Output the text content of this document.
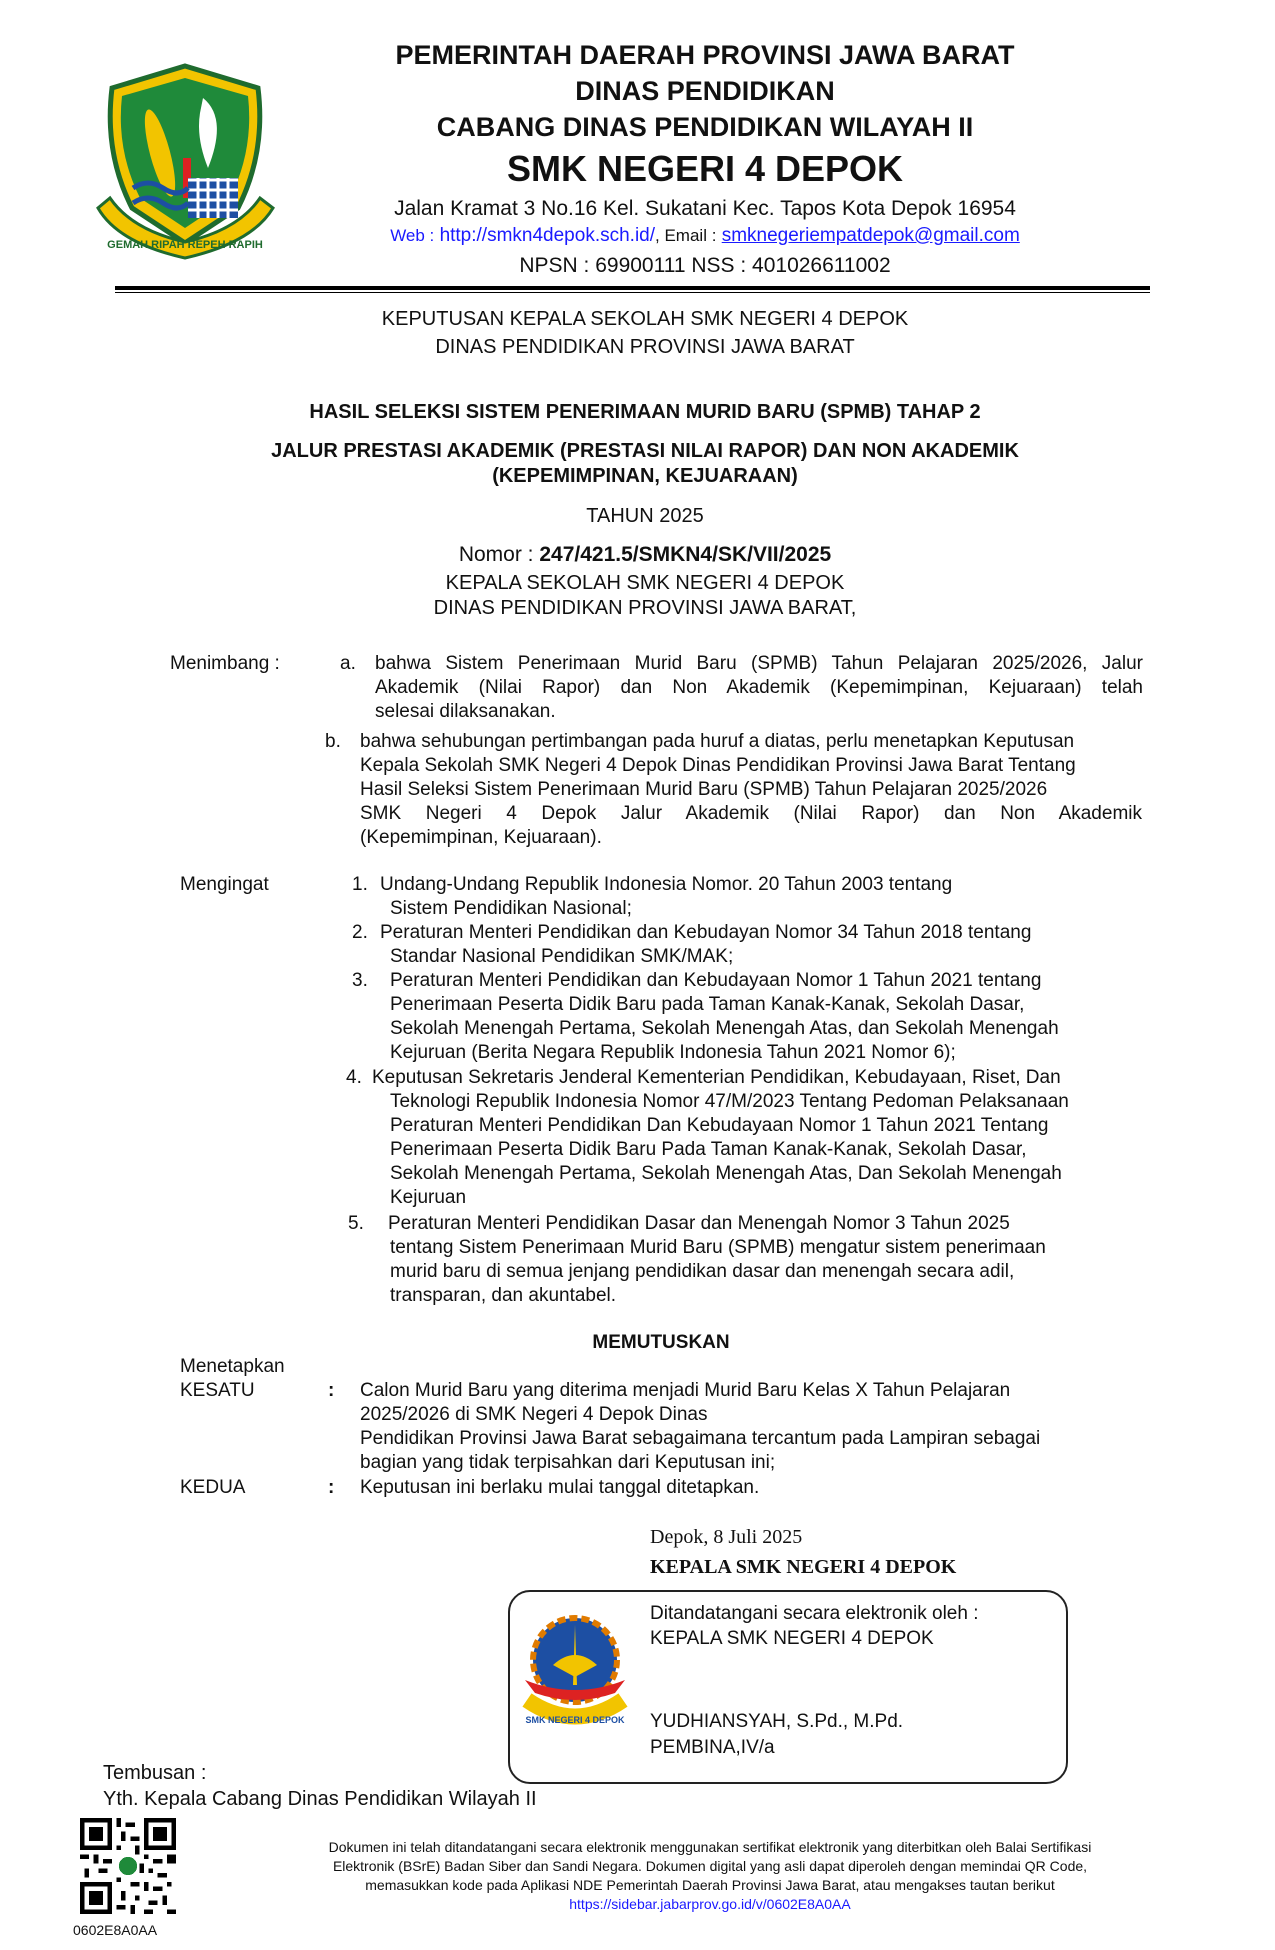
GEMAH RIPAH REPEH RAPIH
PEMERINTAH DAERAH PROVINSI JAWA BARAT
DINAS PENDIDIKAN
CABANG DINAS PENDIDIKAN WILAYAH II
SMK NEGERI 4 DEPOK
Jalan Kramat 3 No.16 Kel. Sukatani Kec. Tapos Kota Depok 16954
Web : http://smkn4depok.sch.id/, Email : smknegeriempatdepok@gmail.com
NPSN : 69900111 NSS : 401026611002
KEPUTUSAN KEPALA SEKOLAH SMK NEGERI 4 DEPOK
DINAS PENDIDIKAN PROVINSI JAWA BARAT
HASIL SELEKSI SISTEM PENERIMAAN MURID BARU (SPMB) TAHAP 2
JALUR PRESTASI AKADEMIK (PRESTASI NILAI RAPOR) DAN NON AKADEMIK
(KEPEMIMPINAN, KEJUARAAN)
TAHUN 2025
Nomor : 247/421.5/SMKN4/SK/VII/2025
KEPALA SEKOLAH SMK NEGERI 4 DEPOK
DINAS PENDIDIKAN PROVINSI JAWA BARAT,
Menimbang :	a. bahwa Sistem Penerimaan Murid Baru (SPMB) Tahun Pelajaran 2025/2026, Jalur
Akademik (Nilai Rapor) dan Non Akademik (Kepemimpinan, Kejuaraan) telah
selesai dilaksanakan.
b. bahwa sehubungan pertimbangan pada huruf a diatas, perlu menetapkan Keputusan
Kepala Sekolah SMK Negeri 4 Depok Dinas Pendidikan Provinsi Jawa Barat Tentang
Hasil Seleksi Sistem Penerimaan Murid Baru (SPMB) Tahun Pelajaran 2025/2026
SMK Negeri 4 Depok Jalur Akademik (Nilai Rapor) dan Non Akademik
(Kepemimpinan, Kejuaraan).
Mengingat	1. Undang-Undang Republik Indonesia Nomor. 20 Tahun 2003 tentang
Sistem Pendidikan Nasional;
2. Peraturan Menteri Pendidikan dan Kebudayan Nomor 34 Tahun 2018 tentang
Standar Nasional Pendidikan SMK/MAK;
3. Peraturan Menteri Pendidikan dan Kebudayaan Nomor 1 Tahun 2021 tentang
Penerimaan Peserta Didik Baru pada Taman Kanak-Kanak, Sekolah Dasar,
Sekolah Menengah Pertama, Sekolah Menengah Atas, dan Sekolah Menengah
Kejuruan (Berita Negara Republik Indonesia Tahun 2021 Nomor 6);
4. Keputusan Sekretaris Jenderal Kementerian Pendidikan, Kebudayaan, Riset, Dan
Teknologi Republik Indonesia Nomor 47/M/2023 Tentang Pedoman Pelaksanaan
Peraturan Menteri Pendidikan Dan Kebudayaan Nomor 1 Tahun 2021 Tentang
Penerimaan Peserta Didik Baru Pada Taman Kanak-Kanak, Sekolah Dasar,
Sekolah Menengah Pertama, Sekolah Menengah Atas, Dan Sekolah Menengah
Kejuruan
5. Peraturan Menteri Pendidikan Dasar dan Menengah Nomor 3 Tahun 2025
tentang Sistem Penerimaan Murid Baru (SPMB) mengatur sistem penerimaan
murid baru di semua jenjang pendidikan dasar dan menengah secara adil,
transparan, dan akuntabel.
MEMUTUSKAN
Menetapkan
KESATU	: Calon Murid Baru yang diterima menjadi Murid Baru Kelas X Tahun Pelajaran
2025/2026 di SMK Negeri 4 Depok Dinas
Pendidikan Provinsi Jawa Barat sebagaimana tercantum pada Lampiran sebagai
bagian yang tidak terpisahkan dari Keputusan ini;
KEDUA	: Keputusan ini berlaku mulai tanggal ditetapkan.
Depok, 8 Juli 2025
KEPALA SMK NEGERI 4 DEPOK
SMK NEGERI 4 DEPOK
Ditandatangani secara elektronik oleh :
KEPALA SMK NEGERI 4 DEPOK
YUDHIANSYAH, S.Pd., M.Pd.
PEMBINA,IV/a
Tembusan :
Yth. Kepala Cabang Dinas Pendidikan Wilayah II
0602E8A0AA
Dokumen ini telah ditandatangani secara elektronik menggunakan sertifikat elektronik yang diterbitkan oleh Balai Sertifikasi
Elektronik (BSrE) Badan Siber dan Sandi Negara. Dokumen digital yang asli dapat diperoleh dengan memindai QR Code,
memasukkan kode pada Aplikasi NDE Pemerintah Daerah Provinsi Jawa Barat, atau mengakses tautan berikut
https://sidebar.jabarprov.go.id/v/0602E8A0AA
